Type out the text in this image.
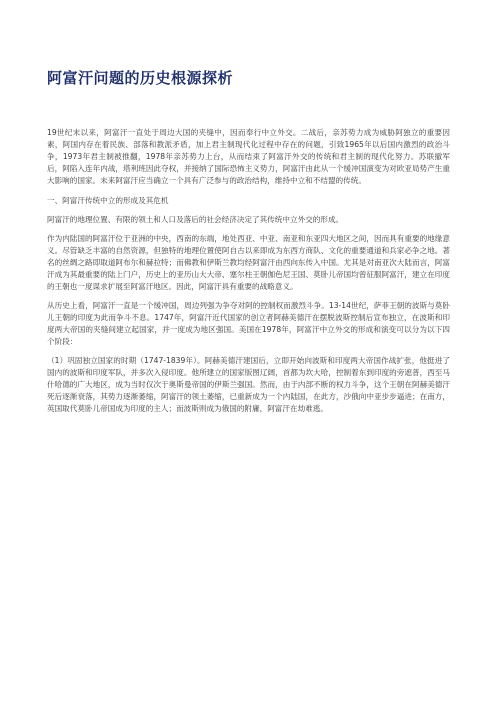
阿富汗问题的历史根源探析

19世纪末以来，阿富汗一直处于周边大国的夹缝中，因而奉行中立外交。二战后，亲苏势力成为威胁阿独立的重要因素，阿国内存在着民族、部落和教派矛盾，加上君主制现代化过程中存在的问题，引致1965年以后国内激烈的政治斗争，1973年君主制被推翻，1978年亲苏势力上台，从而结束了阿富汗外交的传统和君主制的现代化努力。苏联撤军后，阿陷入连年内战，塔利班因此夺权，并接纳了国际恐怖主义势力，阿富汗由此从一个缓冲国演变为对欧亚局势产生重大影响的国家。未来阿富汗应当确立一个具有广泛参与的政治结构，维持中立和不结盟的传统。

一、阿富汗传统中立的形成及其危机

阿富汗的地理位置、有限的领土和人口及落后的社会经济决定了其传统中立外交的形成。

作为内陆国的阿富汗位于亚洲的中央，西南的东端，地处西亚、中亚、南亚和东亚四大地区之间，因而具有重要的地缘意义。尽管缺乏丰富的自然资源，但独特的地理位置使阿自古以来即成为东西方商队、文化的重要通道和兵家必争之地。著名的丝绸之路即取道阿布尔和赫拉特；而佛教和伊斯兰教均经阿富汗由西向东传入中国。尤其是对南亚次大陆而言，阿富汗成为其最重要的陆上门户，历史上的亚历山大大帝、塞尔柱王朝伽色尼王国、莫卧儿帝国均曾征服阿富汗，建立在印度的王朝也一度谋求扩展至阿富汗地区。因此，阿富汗具有重要的战略意义。

从历史上看，阿富汗一直是一个缓冲国，周边列强为争夺对阿的控制权而激烈斗争。13-14世纪，萨菲王朝的波斯与莫卧儿王朝的印度为此而争斗不息。1747年，阿富汗近代国家的创立者阿赫美德汗在摆脱波斯控制后宣布独立，在波斯和印度两大帝国的夹缝间建立起国家，并一度成为地区强国。美国在1978年，阿富汗中立外交的形成和演变可以分为以下四个阶段：

（1）巩固独立国家的时期（1747-1839年）。阿赫美德汗建国后，立即开始向波斯和印度两大帝国作战扩张，他挺进了国内的波斯和印度军队，并多次入侵印度。他所建立的国家版图辽阔，首都为坎大哈，控制着东到印度的旁遮普，西至马什哈德的广大地区，成为当时仅次于奥斯曼帝国的伊斯兰强国。然而，由于内部不断的权力斗争，这个王朝在阿赫美德汗死后逐渐衰落，其势力逐渐萎缩，阿富汗的领土萎缩，已重新成为一个内陆国，在此方，沙俄向中亚步步逼进；在南方，英国取代莫卧儿帝国成为印度的主人；而波斯则成为俄国的附庸，阿富汗在劫难逃。
